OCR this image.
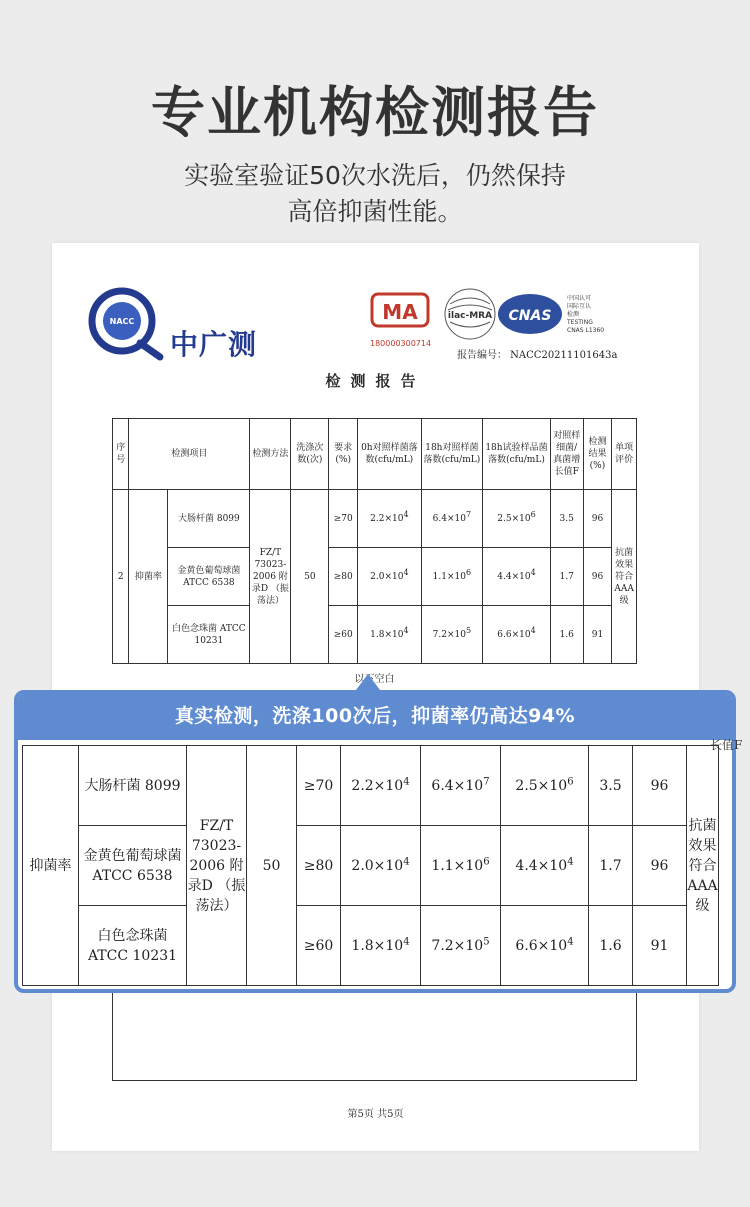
专业机构检测报告
实验室验证50次水洗后，仍然保持
高倍抑菌性能。
NACC
中广测
MA	ilac-MRA CNAS
180000300714
中国认可
国际互认
检测
TESTING
CNAS L1360
报告编号： NACC20211101643a
检测报告
序号	检测项目		检测方法	洗涤次数(次)	要求(%)	0h对照样菌落数(cfu/mL)	18h对照样菌落数(cfu/mL)	18h试验样品菌落数(cfu/mL)	对照样细菌/真菌增长值F	检测结果(%)	单项评价
2	抑菌率	大肠杆菌 8099	FZ/T 73023-2006 附录D （振荡法）	50	≥70	$2.2\times 10^4$	$6.4\times 10^7$	$2.5\times 10^6$	3.5	96	抗菌效果符合AAA级
		金黄色葡萄球菌 ATCC 6538			≥80	$2.0\times 10^4$	$1.1\times 10^6$	$4.4\times 10^4$	1.7	96	
		白色念珠菌 ATCC 10231			≥60	$1.8\times 10^4$	$7.2\times 10^5$	$6.6\times 10^4$	1.6	91	
以下空白
第5页 共5页
真实检测，洗涤100次后，抑菌率仍高达94%
抑菌率	大肠杆菌 8099	FZ/T 73023-2006 附录D （振荡法）	50	≥70	$2.2\times 10^4$	$6.4\times 10^7$	$2.5\times 10^6$	3.5	96	抗菌效果符合AAA级
	金黄色葡萄球菌 ATCC 6538			≥80	$2.0\times 10^4$	$1.1\times 10^6$	$4.4\times 10^4$	1.7	96	
	白色念珠菌 ATCC 10231			≥60	$1.8\times 10^4$	$7.2\times 10^5$	$6.6\times 10^4$	1.6	91	
长值F
